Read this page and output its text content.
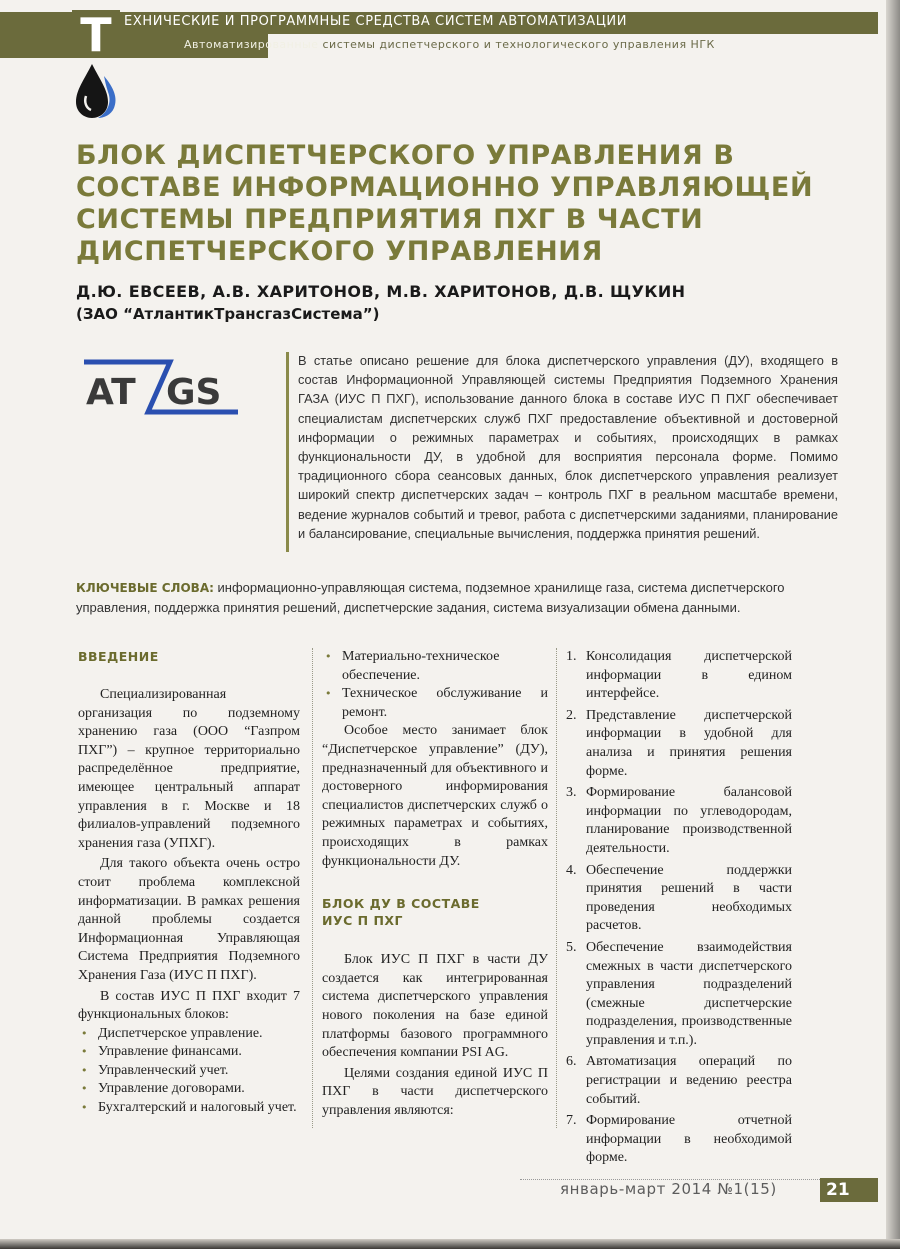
Т ЕХНИЧЕСКИЕ И ПРОГРАММНЫЕ СРЕДСТВА СИСТЕМ АВТОМАТИЗАЦИИ
Автоматизированные системы диспетчерского и технологического управления НГК
БЛОК ДИСПЕТЧЕРСКОГО УПРАВЛЕНИЯ В СОСТАВЕ ИНФОРМАЦИОННО УПРАВЛЯЮЩЕЙ СИСТЕМЫ ПРЕДПРИЯТИЯ ПХГ В ЧАСТИ ДИСПЕТЧЕРСКОГО УПРАВЛЕНИЯ

Д.Ю. ЕВСЕЕВ, А.В. ХАРИТОНОВ, М.В. ХАРИТОНОВ, Д.В. ЩУКИН

(ЗАО “АтлантикТрансгазСистема”)

AT GS

В статье описано решение для блока диспетчерского управления (ДУ), входящего в состав Информационной Управляющей системы Предприятия Подземного Хранения ГАЗА (ИУС П ПХГ), использование данного блока в составе ИУС П ПХГ обеспечивает специалистам диспетчерских служб ПХГ предоставление объективной и достоверной информации о режимных параметрах и событиях, происходящих в рамках функциональности ДУ, в удобной для восприятия персонала форме. Помимо традиционного сбора сеансовых данных, блок диспетчерского управления реализует широкий спектр диспетчерских задач – контроль ПХГ в реальном масштабе времени, ведение журналов событий и тревог, работа с диспетчерскими заданиями, планирование и балансирование, специальные вычисления, поддержка принятия решений.

КЛЮЧЕВЫЕ СЛОВА: информационно-управляющая система, подземное хранилище газа, система диспетчерского управления, поддержка принятия решений, диспетчерские задания, система визуализации обмена данными.

ВВЕДЕНИЕ

Специализированная организация по подземному хранению газа (ООО “Газпром ПХГ”) – крупное территориально распределённое предприятие, имеющее центральный аппарат управления в г. Москве и 18 филиалов-управлений подземного хранения газа (УПХГ).

Для такого объекта очень остро стоит проблема комплексной информатизации. В рамках решения данной проблемы создается Информационная Управляющая Система Предприятия Подземного Хранения Газа (ИУС П ПХГ).

В состав ИУС П ПХГ входит 7 функциональных блоков:

• Диспетчерское управление.
• Управление финансами.
• Управленческий учет.
• Управление договорами.
• Бухгалтерский и налоговый учет.
• Материально-техническое обеспечение.
• Техническое обслуживание и ремонт.

Особое место занимает блок “Диспетчерское управление” (ДУ), предназначенный для объективного и достоверного информирования специалистов диспетчерских служб о режимных параметрах и событиях, происходящих в рамках функциональности ДУ.

БЛОК ДУ В СОСТАВЕ
ИУС П ПХГ

Блок ИУС П ПХГ в части ДУ создается как интегрированная система диспетчерского управления нового поколения на базе единой платформы базового программного обеспечения компании PSI AG.

Целями создания единой ИУС П ПХГ в части диспетчерского управления являются:

1. Консолидация диспетчерской информации в едином интерфейсе.
2. Представление диспетчерской информации в удобной для анализа и принятия решения форме.
3. Формирование балансовой информации по углеводородам, планирование производственной деятельности.
4. Обеспечение поддержки принятия решений в части проведения необходимых расчетов.
5. Обеспечение взаимодействия смежных в части диспетчерского управления подразделений (смежные диспетчерские подразделения, производственные управления и т.п.).
6. Автоматизация операций по регистрации и ведению реестра событий.
7. Формирование отчетной информации в необходимой форме.
январь-март 2014 №1(15)	21
